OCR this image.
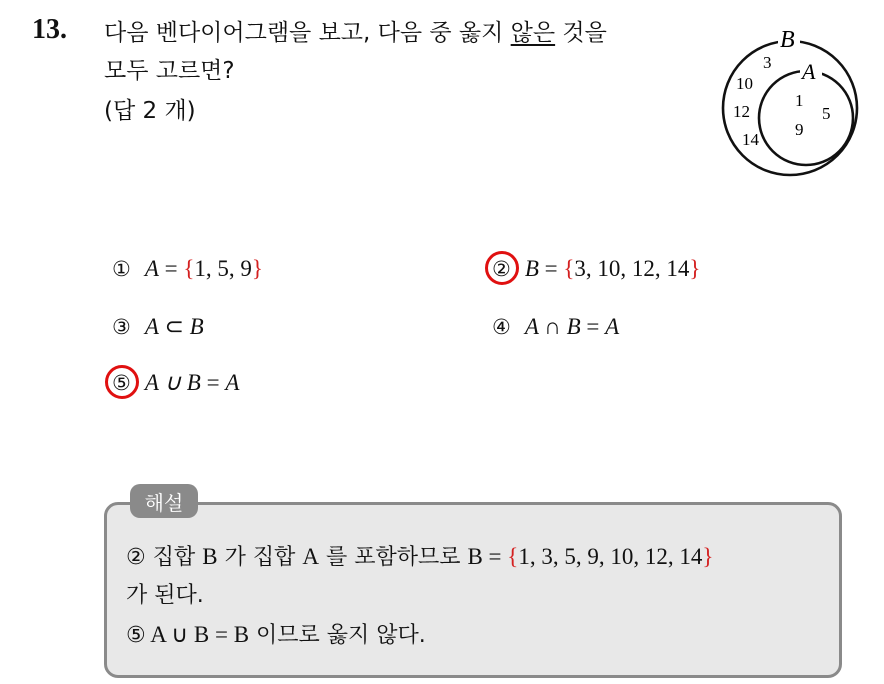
13. 다음 벤다이어그램을 보고, 다음 중 옳지 않은 것을
모두 고르면?
(답 2 개)
B
A
3
10
12
14
1
5
9
① A = {1, 5, 9}	② B = {3, 10, 12, 14}
③ A ⊂ B	④ A ∩ B = A
⑤ A ∪ B = A
해설
② 집합 B 가 집합 A 를 포함하므로 B = {1, 3, 5, 9, 10, 12, 14}
가 된다.
⑤ A ∪ B = B 이므로 옳지 않다.
